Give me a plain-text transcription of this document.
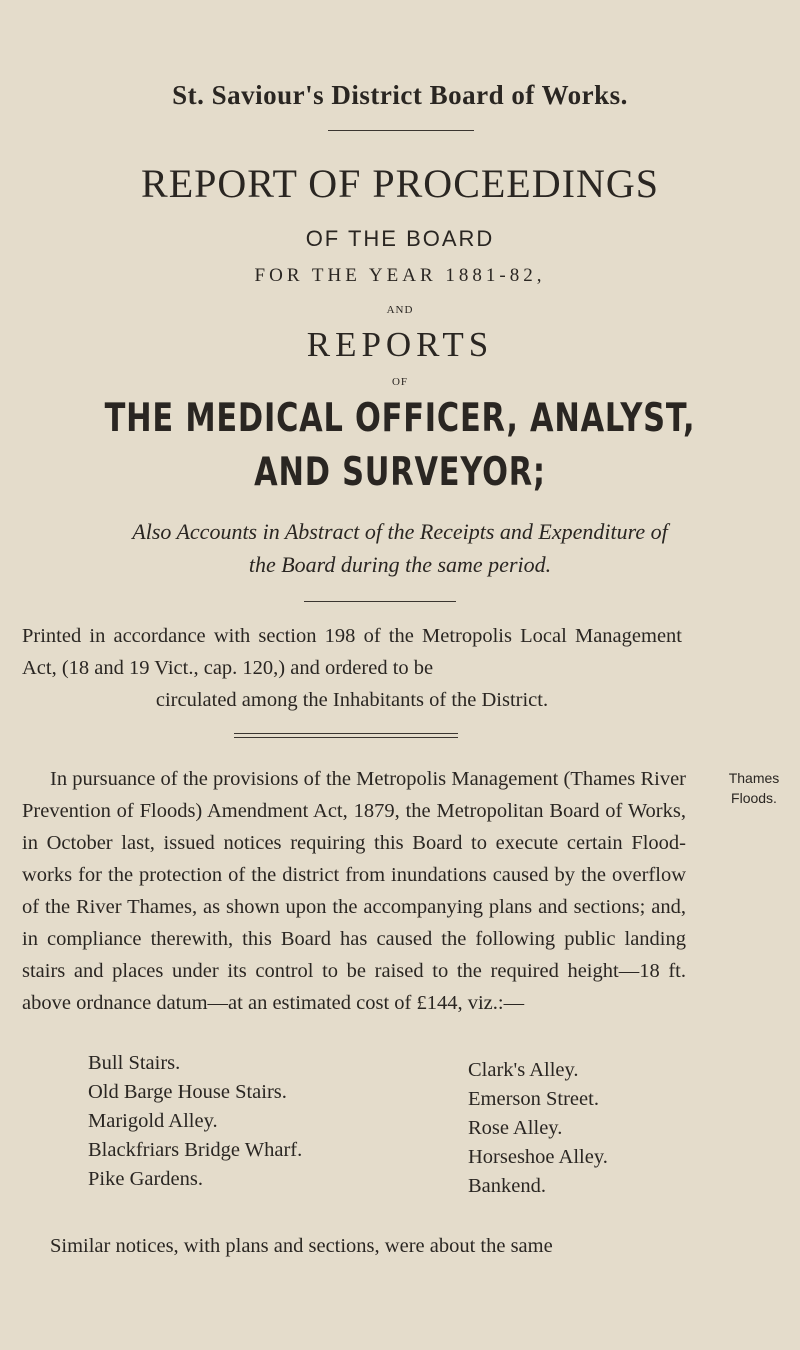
St. Saviour's District Board of Works.
REPORT OF PROCEEDINGS
OF THE BOARD
FOR THE YEAR 1881-82,
AND
REPORTS
OF
THE MEDICAL OFFICER, ANALYST,
AND SURVEYOR;
Also Accounts in Abstract of the Receipts and Expenditure of
the Board during the same period.
Printed in accordance with section 198 of the Metropolis Local Management Act, (18 and 19 Vict., cap. 120,) and ordered to be
circulated among the Inhabitants of the District.
In pursuance of the provisions of the Metropolis Management (Thames River Prevention of Floods) Amendment Act, 1879, the Metropolitan Board of Works, in October last, issued notices requiring this Board to execute certain Flood-works for the protection of the district from inundations caused by the overflow of the River Thames, as shown upon the accompanying plans and sections; and, in compliance therewith, this Board has caused the following public landing stairs and places under its control to be raised to the required height—18 ft. above ordnance datum—at an estimated cost of £144, viz.:—
Thames
Floods.
Bull Stairs.
Old Barge House Stairs.
Marigold Alley.
Blackfriars Bridge Wharf.
Pike Gardens.
Clark's Alley.
Emerson Street.
Rose Alley.
Horseshoe Alley.
Bankend.
Similar notices, with plans and sections, were about the same
